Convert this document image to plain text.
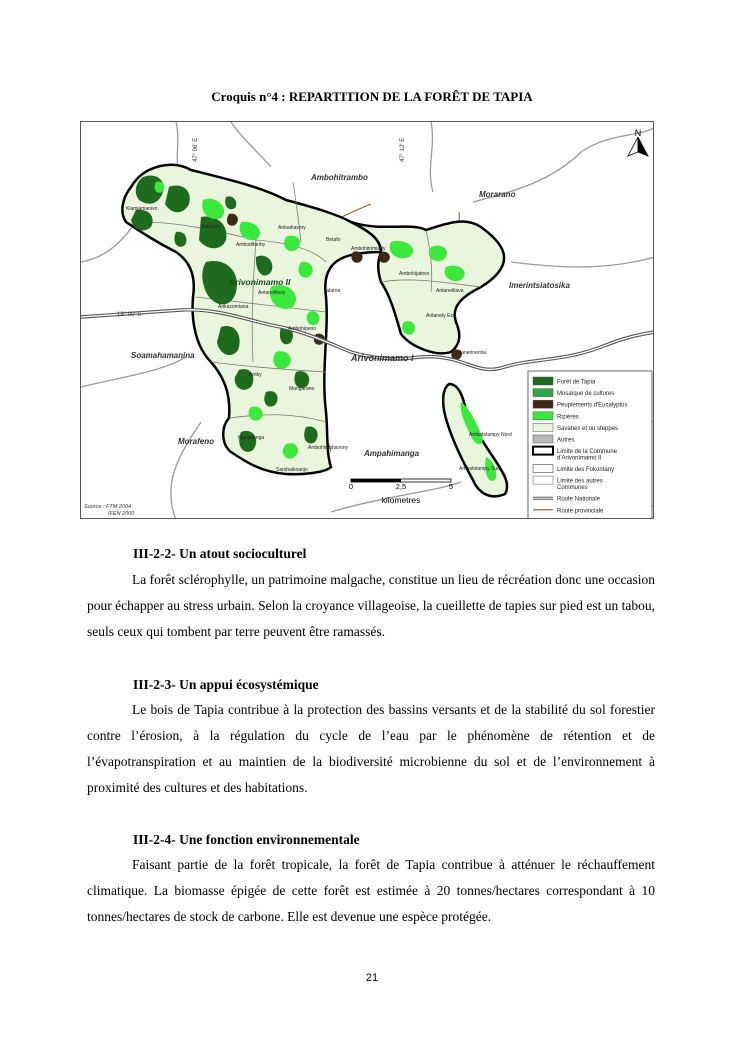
Croquis n°4 : REPARTITION DE LA FORÊT DE TAPIA
N
47° 06' E	47° 12' E
19° 00' S
Ambohitrambo
Morarano
Imerintsiatosika
Soamahamanina	Arivonimamo I
Morafeno
Ampahimanga
Arivonimamo II
Kiamjamanivo
Vatolaivy
Ambodifarihy
Antsahavory
Betafo
Ambohitrimiady
Ambohijatovo
Antanetilava
Antanety Est
Manerinerina
Ankazomiana
Antanetikely	Ialaroa
Ambohipeno
Amby
Mangarano
Mazadonga
Ambohimahavony
Sambaikoanjo
Ambatolampy Nord
Ambatolampy Sud
0	2,5	5
kilometres
Source : FTM 2004
IFEN 2000
Forêt de Tapia
Mosaïque de cultures
Peuplements d'Eucalyptus
Rizières
Savanes et ou steppes
Autres
Limite de la Commune
d'Arivonimamo II
Limite des Fokontany
Limite des autres
Communes
Route Nationale
Route provinciale
III-2-2- Un atout socioculturel

La forêt sclérophylle, un patrimoine malgache, constitue un lieu de récréation donc une occasion pour échapper au stress urbain. Selon la croyance villageoise, la cueillette de tapies sur pied est un tabou, seuls ceux qui tombent par terre peuvent être ramassés.

III-2-3- Un appui écosystémique

Le bois de Tapia contribue à la protection des bassins versants et de la stabilité du sol forestier contre l’érosion, à la régulation du cycle de l’eau par le phénomène de rétention et de l’évapotranspiration et au maintien de la biodiversité microbienne du sol et de l’environnement à proximité des cultures et des habitations.

III-2-4- Une fonction environnementale

Faisant partie de la forêt tropicale, la forêt de Tapia contribue à atténuer le réchauffement climatique. La biomasse épigée de cette forêt est estimée à 20 tonnes/hectares correspondant à 10 tonnes/hectares de stock de carbone. Elle est devenue une espèce protégée.

21
